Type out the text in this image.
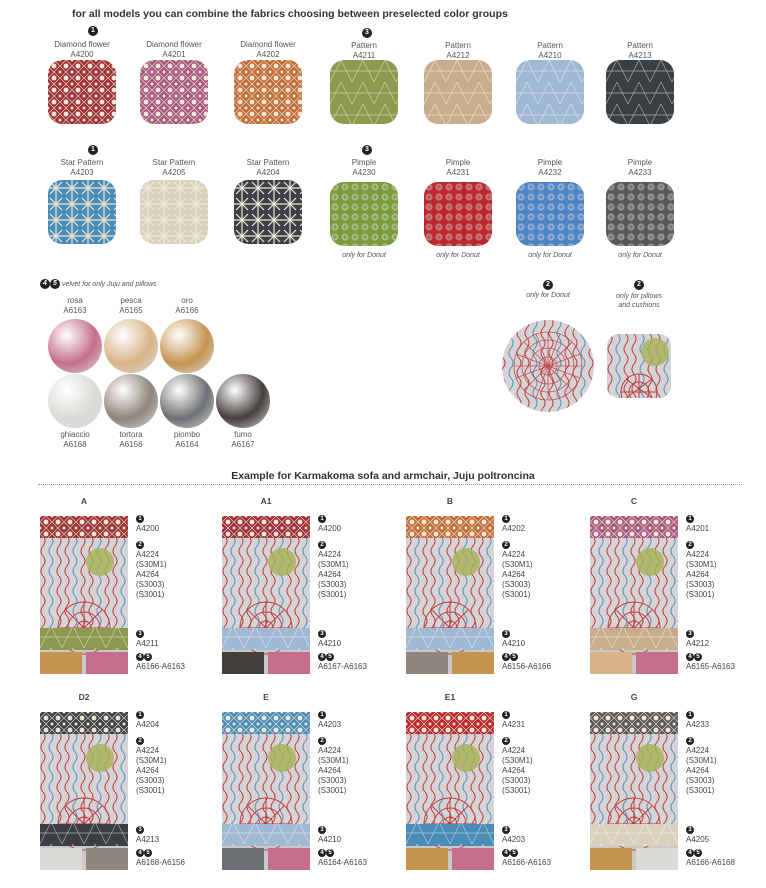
for all models you can combine the fabrics choosing between preselected color groups
1	3
1	3
Diamond flower
A4200
Diamond flower
A4201
Diamond flower
A4202
Pattern
A4211
Pattern
A4212
Pattern
A4210
Pattern
A4213
Star Pattern
A4203
Star Pattern
A4205
Star Pattern
A4204
Pimple
A4230
only for Donut
Pimple
A4231
only for Donut
Pimple
A4232
only for Donut
Pimple
A4233
only for Donut
4 5 velvet for only Juju and pillows
rosa
A6163
pesca
A6165
oro
A6166
ghiaccio
A6168
tortora
A6156
piombo
A6164
fumo
A6167
2
only for Donut
2
only for pillows
and cushions
Example for Karmakoma sofa and armchair, Juju poltroncina
A
1
A4200
2
A4224
(S30M1)
A4264
(S3003)
(S3001)
3
A4211
4 5
A6166-A6163
A1
1
A4200
2
A4224
(S30M1)
A4264
(S3003)
(S3001)
3
A4210
4 5
A6167-A6163
B
1
A4202
2
A4224
(S30M1)
A4264
(S3003)
(S3001)
3
A4210
4 5
A6156-A6166
C
1
A4201
2
A4224
(S30M1)
A4264
(S3003)
(S3001)
3
A4212
4 5
A6165-A6163
D2
1
A4204
2
A4224
(S30M1)
A4264
(S3003)
(S3001)
3
A4213
4 5
A6168-A6156
E
1
A4203
2
A4224
(S30M1)
A4264
(S3003)
(S3001)
3
A4210
4 5
A6164-A6163
E1
1
A4231
2
A4224
(S30M1)
A4264
(S3003)
(S3001)
3
A4203
4 5
A6166-A6163
G
1
A4233
2
A4224
(S30M1)
A4264
(S3003)
(S3001)
3
A4205
4 5
A6166-A6168
